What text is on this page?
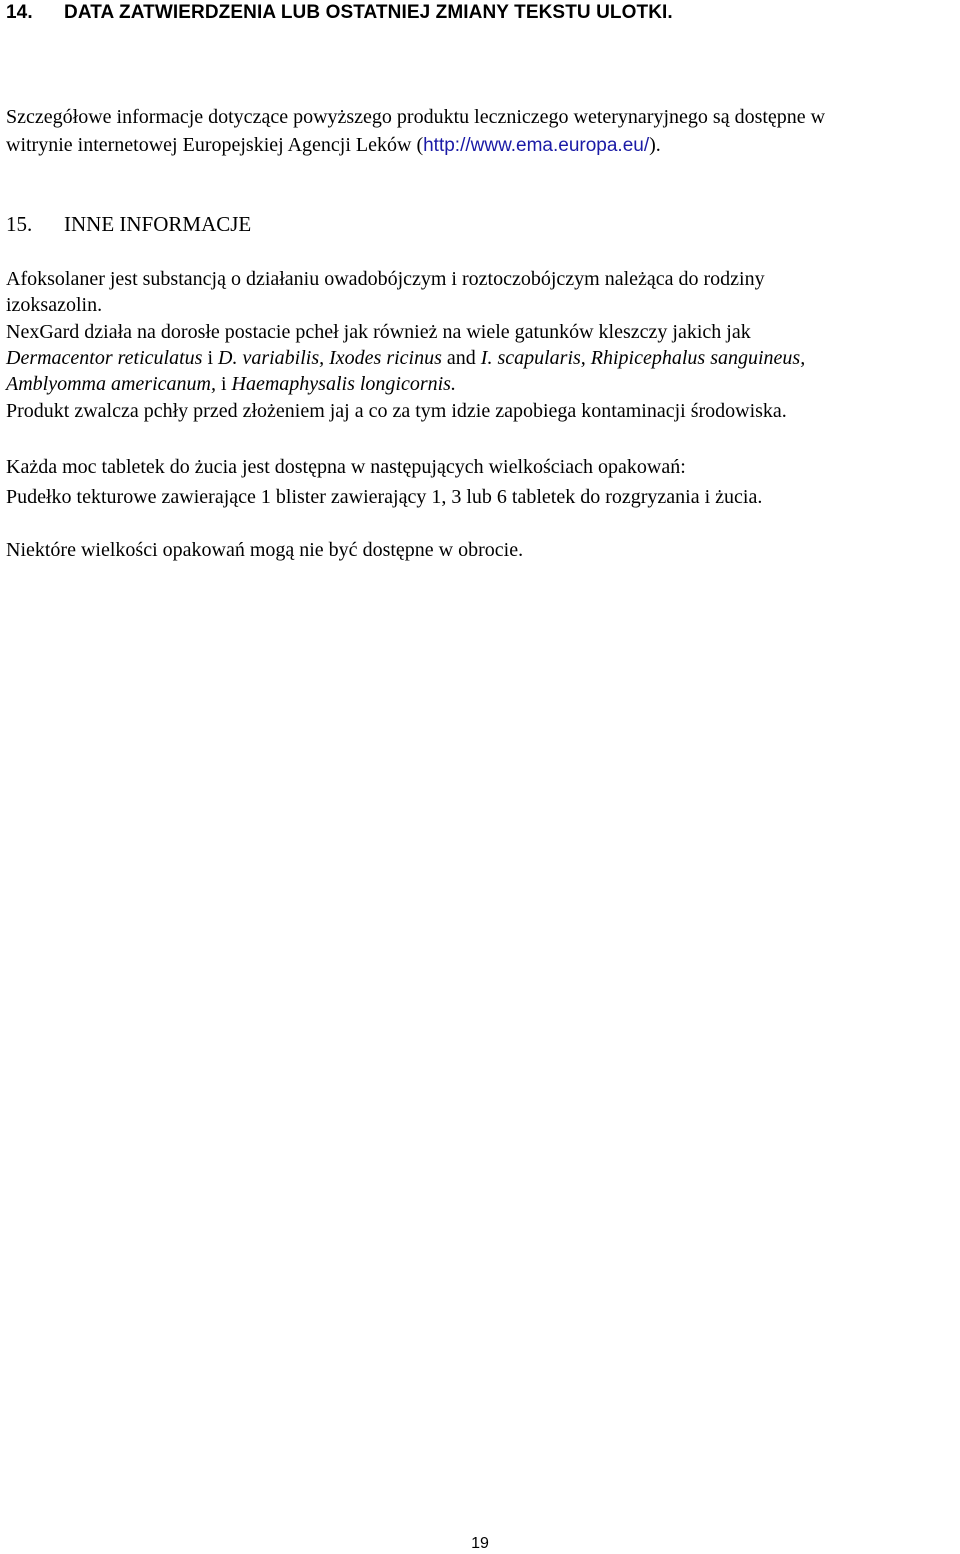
14. DATA ZATWIERDZENIA LUB OSTATNIEJ ZMIANY TEKSTU ULOTKI.
Szczegółowe informacje dotyczące powyższego produktu leczniczego weterynaryjnego są dostępne w
witrynie internetowej Europejskiej Agencji Leków (http://www.ema.europa.eu/).
15. INNE INFORMACJE
Afoksolaner jest substancją o działaniu owadobójczym i roztoczobójczym należąca do rodziny
izoksazolin.
NexGard działa na dorosłe postacie pcheł jak również na wiele gatunków kleszczy jakich jak
Dermacentor reticulatus i D. variabilis, Ixodes ricinus and I. scapularis, Rhipicephalus sanguineus,
Amblyomma americanum, i Haemaphysalis longicornis.
Produkt zwalcza pchły przed złożeniem jaj a co za tym idzie zapobiega kontaminacji środowiska.
Każda moc tabletek do żucia jest dostępna w następujących wielkościach opakowań:
Pudełko tekturowe zawierające 1 blister zawierający 1, 3 lub 6 tabletek do rozgryzania i żucia.
Niektóre wielkości opakowań mogą nie być dostępne w obrocie.
19
